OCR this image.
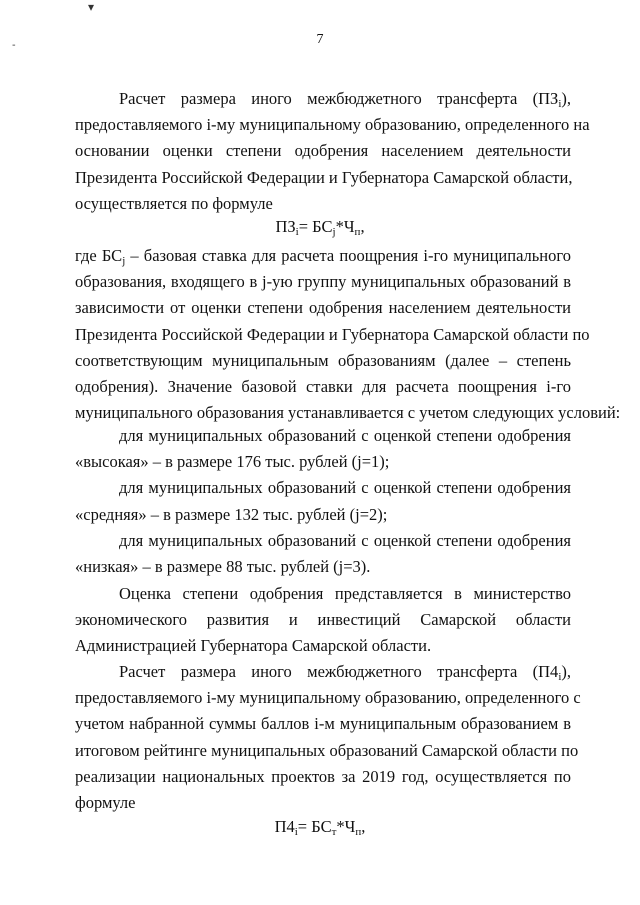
▾
-	7
Расчет размера иного межбюджетного трансферта $(ПЗ_i)$,
предоставляемого i-му муниципальному образованию, определенного на
основании оценки степени одобрения населением деятельности
Президента Российской Федерации и Губернатора Самарской области,
осуществляется по формуле
$ПЗ_i= БС_j*Ч_п$,
где $БС_j$ – базовая ставка для расчета поощрения i-го муниципального
образования, входящего в j-ую группу муниципальных образований в
зависимости от оценки степени одобрения населением деятельности
Президента Российской Федерации и Губернатора Самарской области по
соответствующим муниципальным образованиям (далее – степень
одобрения). Значение базовой ставки для расчета поощрения i-го
муниципального образования устанавливается с учетом следующих условий:
для муниципальных образований с оценкой степени одобрения
«высокая» – в размере 176 тыс. рублей (j=1);
для муниципальных образований с оценкой степени одобрения
«средняя» – в размере 132 тыс. рублей (j=2);
для муниципальных образований с оценкой степени одобрения
«низкая» – в размере 88 тыс. рублей (j=3).
Оценка степени одобрения представляется в министерство
экономического развития и инвестиций Самарской области
Администрацией Губернатора Самарской области.
Расчет размера иного межбюджетного трансферта $(П4_i)$,
предоставляемого i-му муниципальному образованию, определенного с
учетом набранной суммы баллов i-м муниципальным образованием в
итоговом рейтинге муниципальных образований Самарской области по
реализации национальных проектов за 2019 год, осуществляется по
формуле
$П4_i= БС_т*Ч_п$,
